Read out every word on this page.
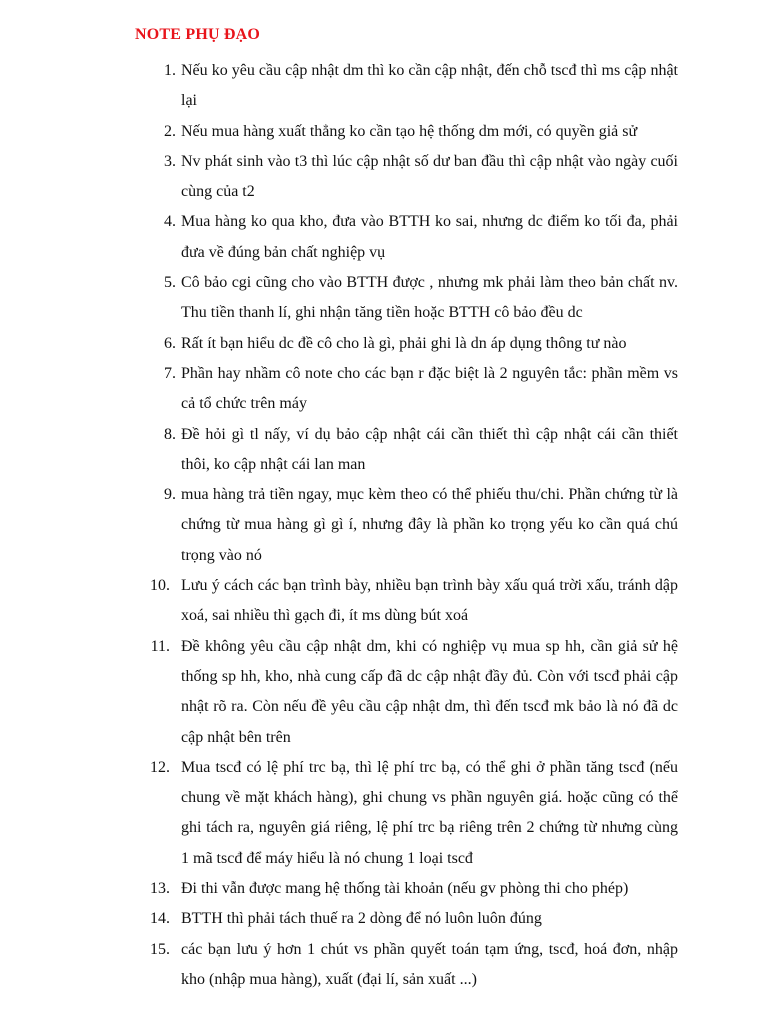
NOTE PHỤ ĐẠO
1. Nếu ko yêu cầu cập nhật dm thì ko cần cập nhật, đến chỗ tscđ thì ms cập nhật lại
2. Nếu mua hàng xuất thẳng ko cần tạo hệ thống dm mới, có quyền giả sử
3. Nv phát sinh vào t3 thì lúc cập nhật số dư ban đầu thì cập nhật vào ngày cuối cùng của t2
4. Mua hàng ko qua kho, đưa vào BTTH ko sai, nhưng dc điểm ko tối đa, phải đưa về đúng bản chất nghiệp vụ
5. Cô bảo cgi cũng cho vào BTTH được , nhưng mk phải làm theo bản chất nv. Thu tiền thanh lí, ghi nhận tăng tiền hoặc BTTH cô bảo đều dc
6. Rất ít bạn hiểu dc đề cô cho là gì, phải ghi là dn áp dụng thông tư nào
7. Phần hay nhầm cô note cho các bạn r đặc biệt là 2 nguyên tắc: phần mềm vs cả tổ chức trên máy
8. Đề hỏi gì tl nấy, ví dụ bảo cập nhật cái cần thiết thì cập nhật cái cần thiết thôi, ko cập nhật cái lan man
9. mua hàng trả tiền ngay, mục kèm theo có thể phiếu thu/chi. Phần chứng từ là chứng từ mua hàng gì gì í, nhưng đây là phần ko trọng yếu ko cần quá chú trọng vào nó
10. Lưu ý cách các bạn trình bày, nhiều bạn trình bày xấu quá trời xấu, tránh dập xoá, sai nhiều thì gạch đi, ít ms dùng bút xoá
11. Đề không yêu cầu cập nhật dm, khi có nghiệp vụ mua sp hh, cần giả sử hệ thống sp hh, kho, nhà cung cấp đã dc cập nhật đầy đủ. Còn với tscđ phải cập nhật rõ ra. Còn nếu đề yêu cầu cập nhật dm, thì đến tscđ mk bảo là nó đã dc cập nhật bên trên
12. Mua tscđ có lệ phí trc bạ, thì lệ phí trc bạ, có thể ghi ở phần tăng tscđ (nếu chung về mặt khách hàng), ghi chung vs phần nguyên giá. hoặc cũng có thể ghi tách ra, nguyên giá riêng, lệ phí trc bạ riêng trên 2 chứng từ nhưng cùng 1 mã tscđ để máy hiểu là nó chung 1 loại tscđ
13. Đi thi vẫn được mang hệ thống tài khoản (nếu gv phòng thi cho phép)
14. BTTH thì phải tách thuế ra 2 dòng để nó luôn luôn đúng
15. các bạn lưu ý hơn 1 chút vs phần quyết toán tạm ứng, tscđ, hoá đơn, nhập kho (nhập mua hàng), xuất (đại lí, sản xuất ...)
